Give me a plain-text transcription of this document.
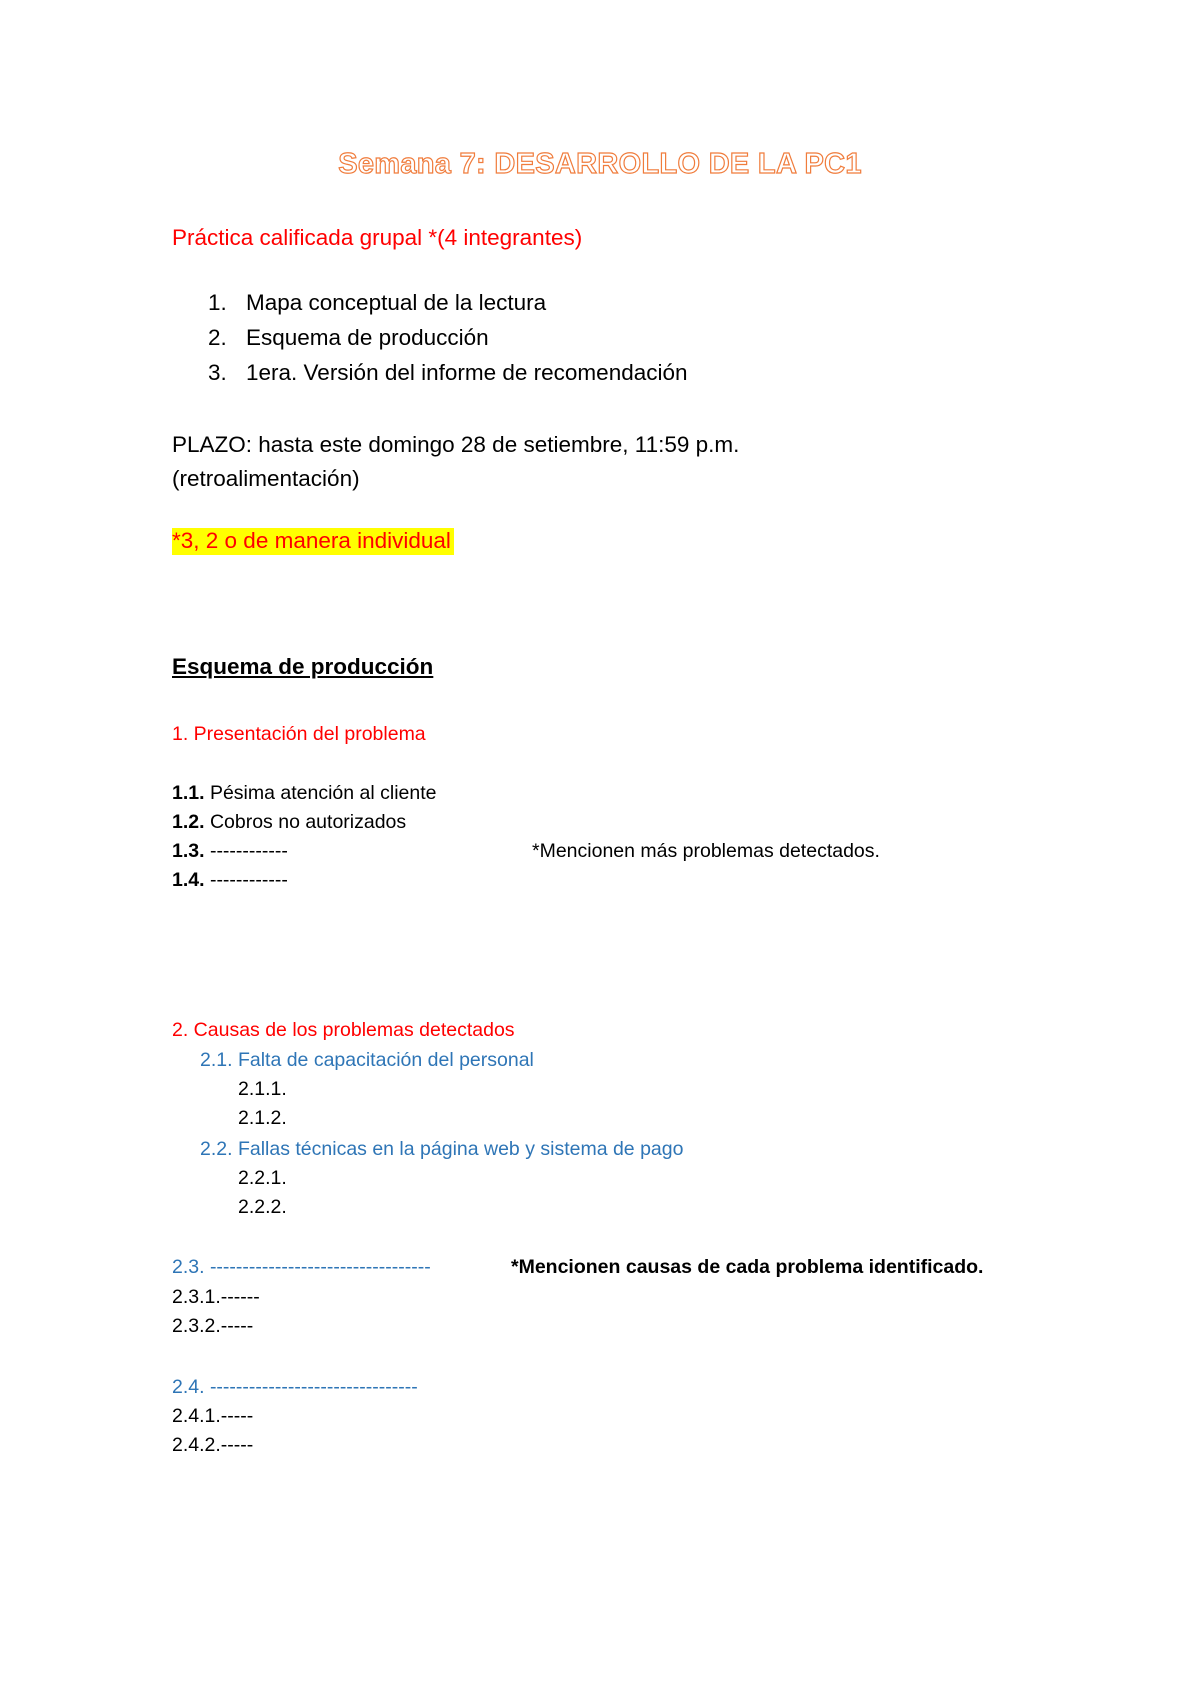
Semana 7: DESARROLLO DE LA PC1
Práctica calificada grupal *(4 integrantes)
1. Mapa conceptual de la lectura
2. Esquema de producción
3. 1era. Versión del informe de recomendación
PLAZO: hasta este domingo 28 de setiembre, 11:59 p.m.
(retroalimentación)
*3, 2 o de manera individual
Esquema de producción
1. Presentación del problema
1.1. Pésima atención al cliente
1.2. Cobros no autorizados
1.3. ------------	*Mencionen más problemas detectados.
1.4. ------------
2. Causas de los problemas detectados
2.1. Falta de capacitación del personal
2.1.1.
2.1.2.
2.2. Fallas técnicas en la página web y sistema de pago
2.2.1.
2.2.2.
2.3. ----------------------------------	*Mencionen causas de cada problema identificado.
2.3.1.------
2.3.2.-----
2.4. --------------------------------
2.4.1.-----
2.4.2.-----
